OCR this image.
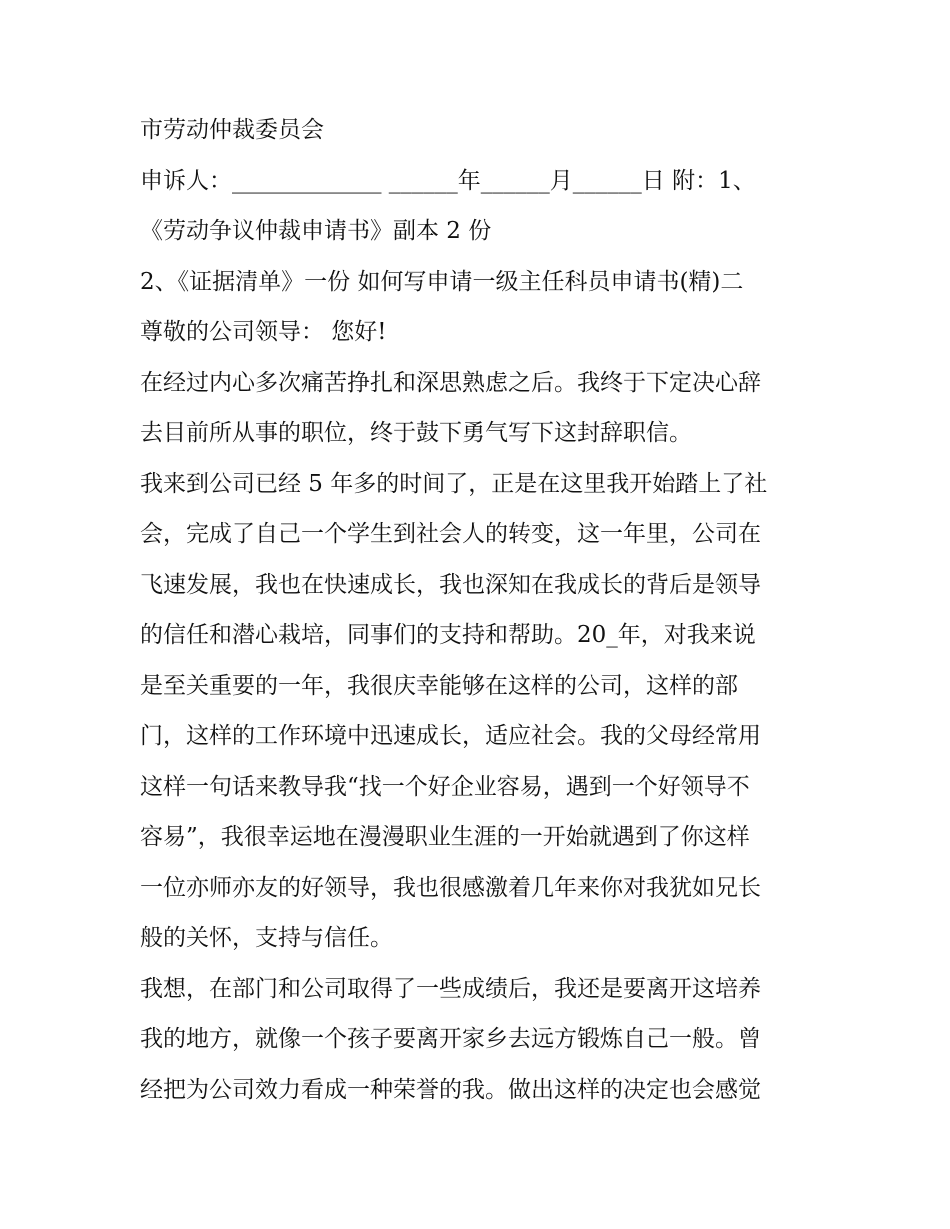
市劳动仲裁委员会
申诉人：_____________ ______年______月______日 附：1、
《劳动争议仲裁申请书》副本 2 份
2、《证据清单》一份 如何写申请一级主任科员申请书(精)二
尊敬的公司领导： 您好!
在经过内心多次痛苦挣扎和深思熟虑之后。我终于下定决心辞
去目前所从事的职位，终于鼓下勇气写下这封辞职信。
我来到公司已经 5 年多的时间了，正是在这里我开始踏上了社
会，完成了自己一个学生到社会人的转变，这一年里，公司在
飞速发展，我也在快速成长，我也深知在我成长的背后是领导
的信任和潜心栽培，同事们的支持和帮助。20_年，对我来说
是至关重要的一年，我很庆幸能够在这样的公司，这样的部
门，这样的工作环境中迅速成长，适应社会。我的父母经常用
这样一句话来教导我“找一个好企业容易，遇到一个好领导不
容易”，我很幸运地在漫漫职业生涯的一开始就遇到了你这样
一位亦师亦友的好领导，我也很感激着几年来你对我犹如兄长
般的关怀，支持与信任。
我想，在部门和公司取得了一些成绩后，我还是要离开这培养
我的地方，就像一个孩子要离开家乡去远方锻炼自己一般。曾
经把为公司效力看成一种荣誉的我。做出这样的决定也会感觉
